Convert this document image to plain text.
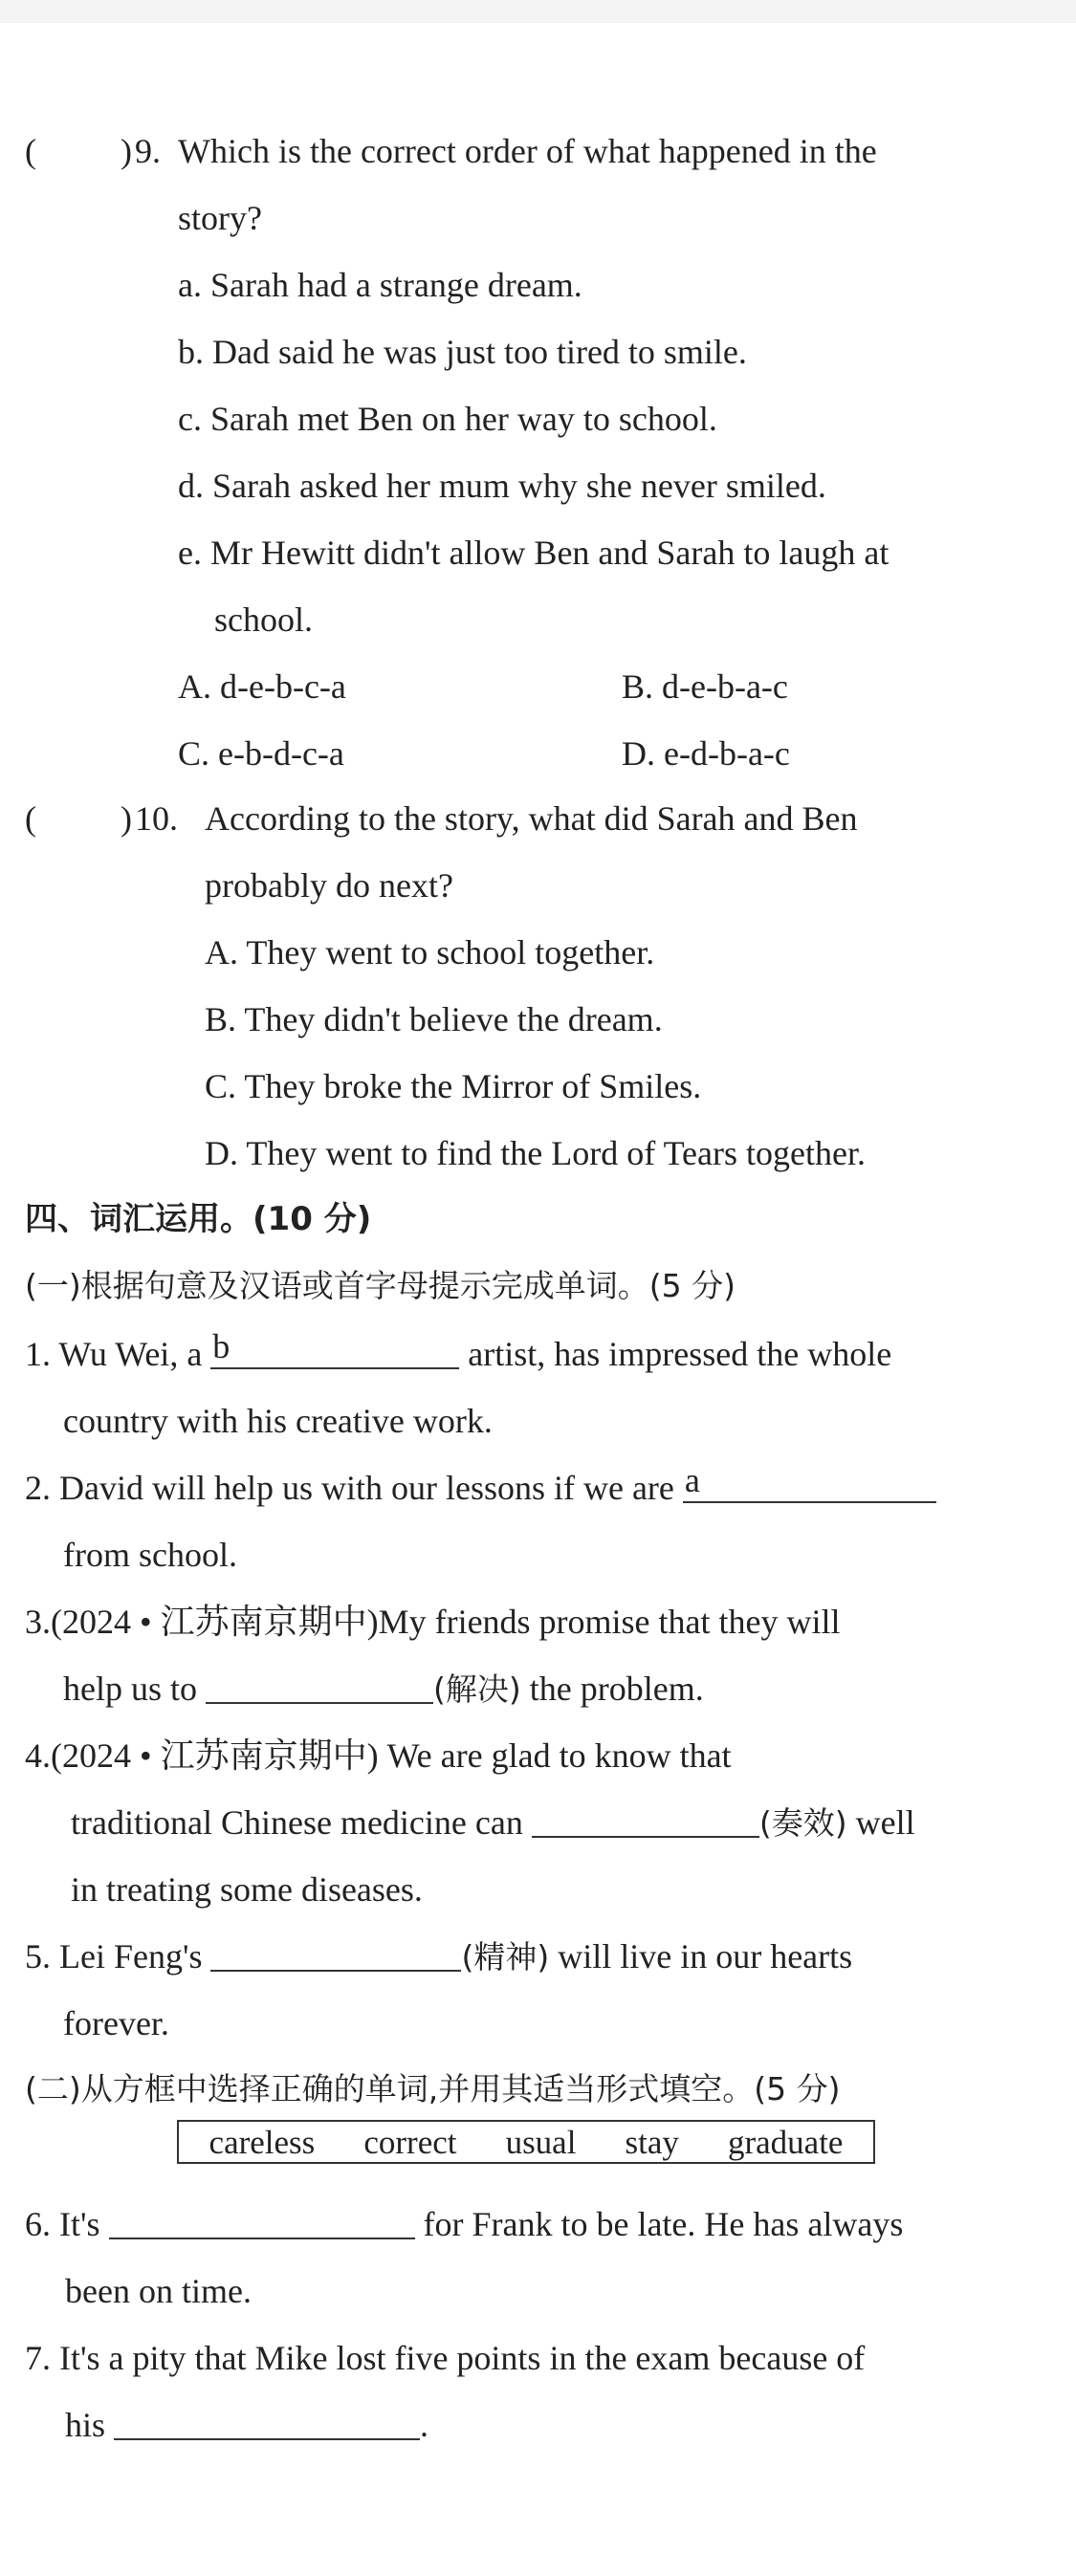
( ) 9. Which is the correct order of what happened in the
story?
a. Sarah had a strange dream.
b. Dad said he was just too tired to smile.
c. Sarah met Ben on her way to school.
d. Sarah asked her mum why she never smiled.
e. Mr Hewitt didn't allow Ben and Sarah to laugh at
school.
A. d-e-b-c-a	B. d-e-b-a-c
C. e-b-d-c-a	D. e-d-b-a-c
( ) 10. According to the story, what did Sarah and Ben
probably do next?
A. They went to school together.
B. They didn't believe the dream.
C. They broke the Mirror of Smiles.
D. They went to find the Lord of Tears together.
四、词汇运用。(10 分)
(一)根据句意及汉语或首字母提示完成单词。(5 分)
1. Wu Wei, a b	artist, has impressed the whole
country with his creative work.
2. David will help us with our lessons if we are a
from school.
3.(2024 • 江苏南京期中)My friends promise that they will
help us to	(解决) the problem.
4.(2024 • 江苏南京期中) We are glad to know that
traditional Chinese medicine can	(奏效) well
in treating some diseases.
5. Lei Feng's	(精神) will live in our hearts
forever.
(二)从方框中选择正确的单词,并用其适当形式填空。(5 分)
careless correct usual stay graduate
6. It's	for Frank to be late. He has always
been on time.
7. It's a pity that Mike lost five points in the exam because of
his	.
